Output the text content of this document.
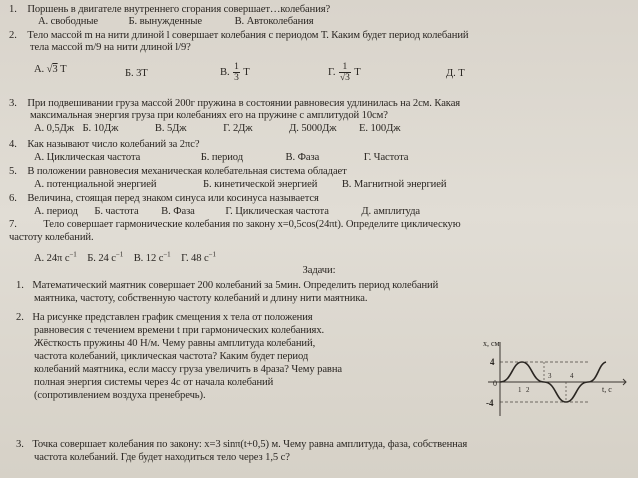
1. Поршень в двигателе внутреннего сгорания совершает…колебания?
А. свободные	Б. вынужденные	В. Автоколебания
2. Тело массой m на нити длиной l совершает колебания с периодом Т. Каким будет период колебаний
тела массой m/9 на нити длиной l/9?
А. √3 Т	Б. 3Т	В. $\frac{1}{3}$ Т	Г. $\frac{1}{√3}$ Т	Д. Т
3. При подвешивании груза массой 200г пружина в состоянии равновесия удлинилась на 2см. Какая
максимальная энергия груза при колебаниях его на пружине с амплитудой 10см?
А. 0,5Дж Б. 10Дж	В. 5Дж	Г. 2Дж	Д. 5000Дж Е. 100Дж
4. Как называют число колебаний за 2πс?
А. Циклическая частота	Б. период	В. Фаза	Г. Частота
5. В положении равновесия механическая колебательная система обладает
А. потенциальной энергией	Б. кинетической энергией В. Магнитной энергией
6. Величина, стоящая перед знаком синуса или косинуса называется
А. период Б. частота В. Фаза	Г. Циклическая частота	Д. амплитуда
7.	Тело совершает гармонические колебания по закону x=0,5cos(24πt). Определите циклическую
частоту колебаний.
А. 24π $с^{-1}$ Б. 24 $с^{-1}$ В. 12 $с^{-1}$ Г. 48 $с^{-1}$
Задачи:
1. Математический маятник совершает 200 колебаний за 5мин. Определить период колебаний
маятника, частоту, собственную частоту колебаний и длину нити маятника.
2. На рисунке представлен график смещения x тела от положения
равновесия с течением времени t при гармонических колебаниях.
Жёсткость пружины 40 Н/м. Чему равны амплитуда колебаний,
частота колебаний, циклическая частота? Каким будет период
колебаний маятника, если массу груза увеличить в 4раза? Чему равна
полная энергия системы через 4с от начала колебаний
(сопротивлением воздуха пренебречь).
x, см
t, с
4
-4
0
1 2
3	4
3. Точка совершает колебания по закону: x=3 sinπ(t+0,5) м. Чему равна амплитуда, фаза, собственная
частота колебаний. Где будет находиться тело через 1,5 с?
